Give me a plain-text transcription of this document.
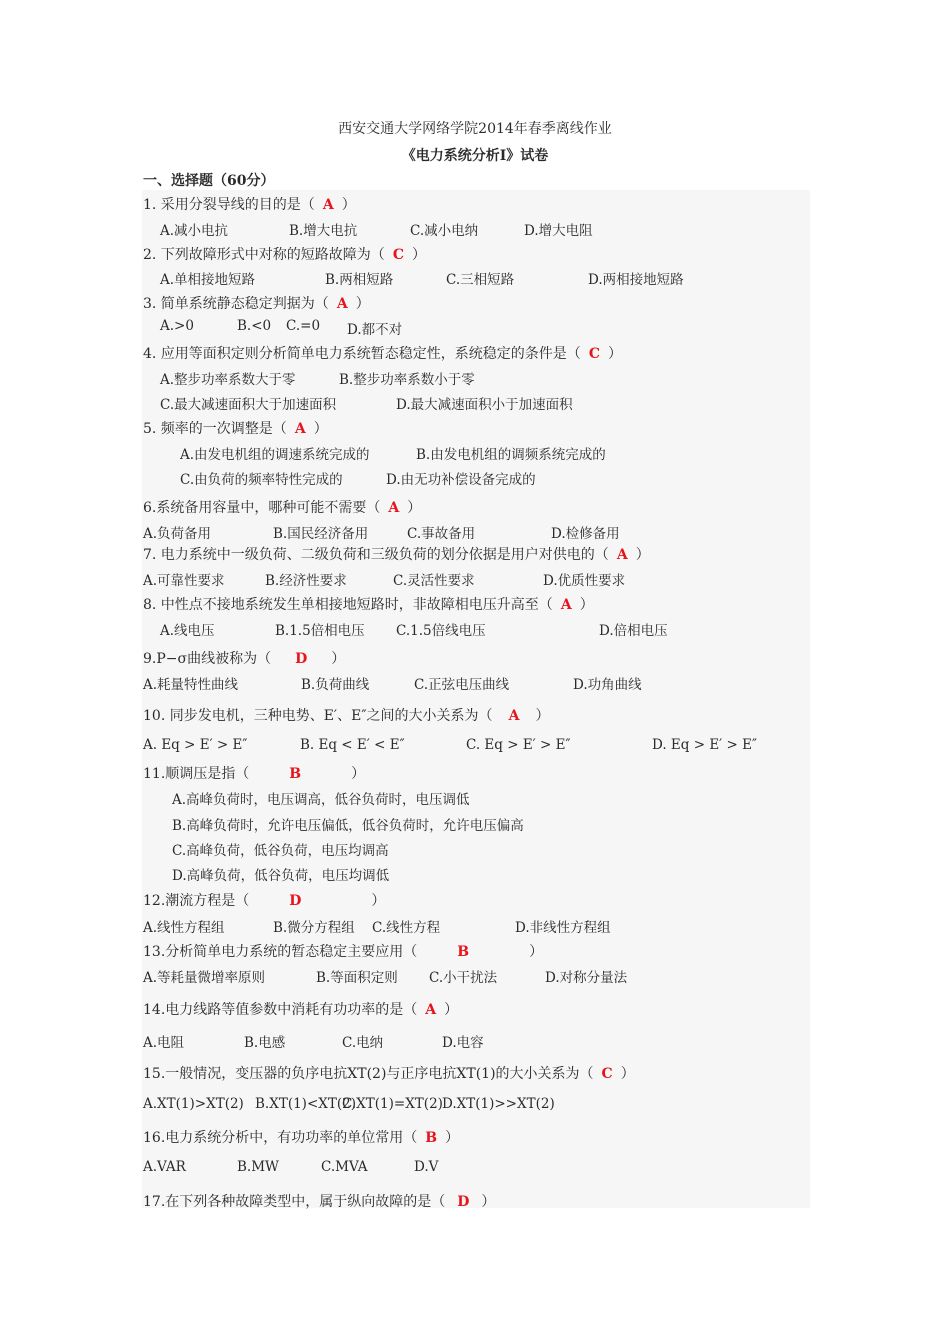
西安交通大学网络学院2014年春季离线作业
《电力系统分析Ⅰ》试卷
一、选择题（60分）
1. 采用分裂导线的目的是（ A ）
A.减小电抗	B.增大电抗	C.减小电纳	D.增大电阻
2. 下列故障形式中对称的短路故障为（ C ）
A.单相接地短路	B.两相短路	C.三相短路	D.两相接地短路
3. 简单系统静态稳定判据为（ A ）
A.>0	B.<0 C.=0 D.都不对
4. 应用等面积定则分析简单电力系统暂态稳定性，系统稳定的条件是（ C ）
A.整步功率系数大于零	B.整步功率系数小于零
C.最大减速面积大于加速面积	D.最大减速面积小于加速面积
5. 频率的一次调整是（ A ）
A.由发电机组的调速系统完成的	B.由发电机组的调频系统完成的
C.由负荷的频率特性完成的	D.由无功补偿设备完成的
6.系统备用容量中，哪种可能不需要（ A ）
A.负荷备用	B.国民经济备用	C.事故备用	D.检修备用
7. 电力系统中一级负荷、二级负荷和三级负荷的划分依据是用户对供电的（ A ）
A.可靠性要求	B.经济性要求	C.灵活性要求	D.优质性要求
8. 中性点不接地系统发生单相接地短路时，非故障相电压升高至（ A ）
A.线电压	B.1.5倍相电压 C.1.5倍线电压	D.倍相电压
9.P−σ曲线被称为（ D ）
A.耗量特性曲线	B.负荷曲线	C.正弦电压曲线	D.功角曲线
10. 同步发电机，三种电势、E′、E″之间的大小关系为（ A ）
A. Eq > E′ > E″	B. Eq < E′ < E″	C. Eq > E′ > E″	D. Eq > E′ > E″
11.顺调压是指（	B	）
A.高峰负荷时，电压调高，低谷负荷时，电压调低
B.高峰负荷时，允许电压偏低，低谷负荷时，允许电压偏高
C.高峰负荷，低谷负荷，电压均调高
D.高峰负荷，低谷负荷，电压均调低
12.潮流方程是（	D	）
A.线性方程组	B.微分方程组 C.线性方程	D.非线性方程组
13.分析简单电力系统的暂态稳定主要应用（	B	）
A.等耗量微增率原则	B.等面积定则 C.小干扰法	D.对称分量法
14.电力线路等值参数中消耗有功功率的是（ A ）
A.电阻	B.电感	C.电纳	D.电容
15.一般情况，变压器的负序电抗XT(2)与正序电抗XT(1)的大小关系为（ C ）
A.XT(1)>XT(2) B.XT(1)<XT(2)
C.XT(1)=XT(2) D.XT(1)>>XT(2)
16.电力系统分析中，有功功率的单位常用（ B ）
A.VAR	B.MW	C.MVA	D.V
17.在下列各种故障类型中，属于纵向故障的是（ D ）
